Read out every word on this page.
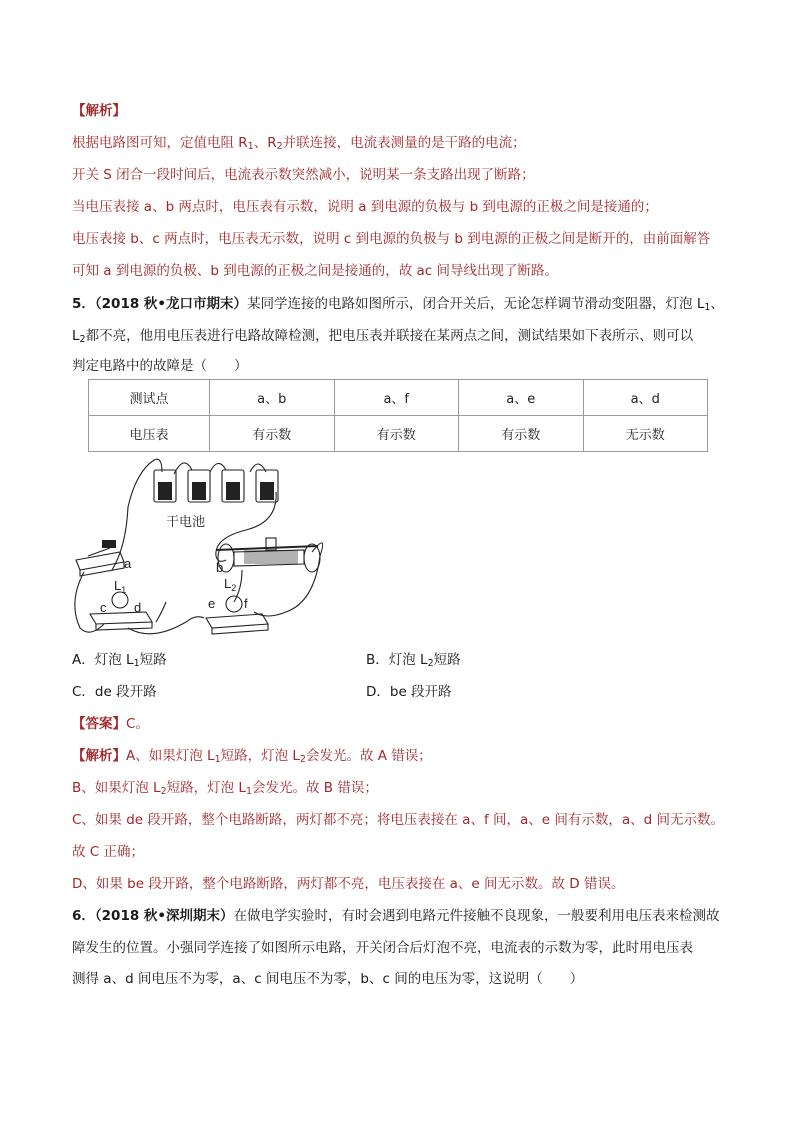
【解析】
根据电路图可知，定值电阻 $R_1$、$R_2$并联连接，电流表测量的是干路的电流；
开关 S 闭合一段时间后，电流表示数突然减小，说明某一条支路出现了断路；
当电压表接 a、b 两点时，电压表有示数，说明 a 到电源的负极与 b 到电源的正极之间是接通的；
电压表接 b、c 两点时，电压表无示数，说明 c 到电源的负极与 b 到电源的正极之间是断开的，由前面解答
可知 a 到电源的负极、b 到电源的正极之间是接通的，故 ac 间导线出现了断路。
5．（2018 秋•龙口市期末）某同学连接的电路如图所示，闭合开关后，无论怎样调节滑动变阻器，灯泡 $L_1$、
$L_2$都不亮，他用电压表进行电路故障检测，把电压表并联接在某两点之间，测试结果如下表所示、则可以
判定电路中的故障是（　　）
测试点	a、b	a、f	a、e	a、d
电压表	有示数	有示数	有示数	无示数
干电池
a	b
c d	e f
$L_1$	$L_2$
A．灯泡 $L_1$短路	B．灯泡 $L_2$短路
C．de 段开路	D．be 段开路
【答案】C。
【解析】A、如果灯泡 $L_1$短路，灯泡 $L_2$会发光。故 A 错误；
B、如果灯泡 $L_2$短路，灯泡 $L_1$会发光。故 B 错误；
C、如果 de 段开路，整个电路断路，两灯都不亮；将电压表接在 a、f 间，a、e 间有示数，a、d 间无示数。
故 C 正确；
D、如果 be 段开路，整个电路断路，两灯都不亮，电压表接在 a、e 间无示数。故 D 错误。
6．（2018 秋•深圳期末）在做电学实验时，有时会遇到电路元件接触不良现象，一般要利用电压表来检测故
障发生的位置。小强同学连接了如图所示电路，开关闭合后灯泡不亮，电流表的示数为零，此时用电压表
测得 a、d 间电压不为零，a、c 间电压不为零，b、c 间的电压为零，这说明（　　）
